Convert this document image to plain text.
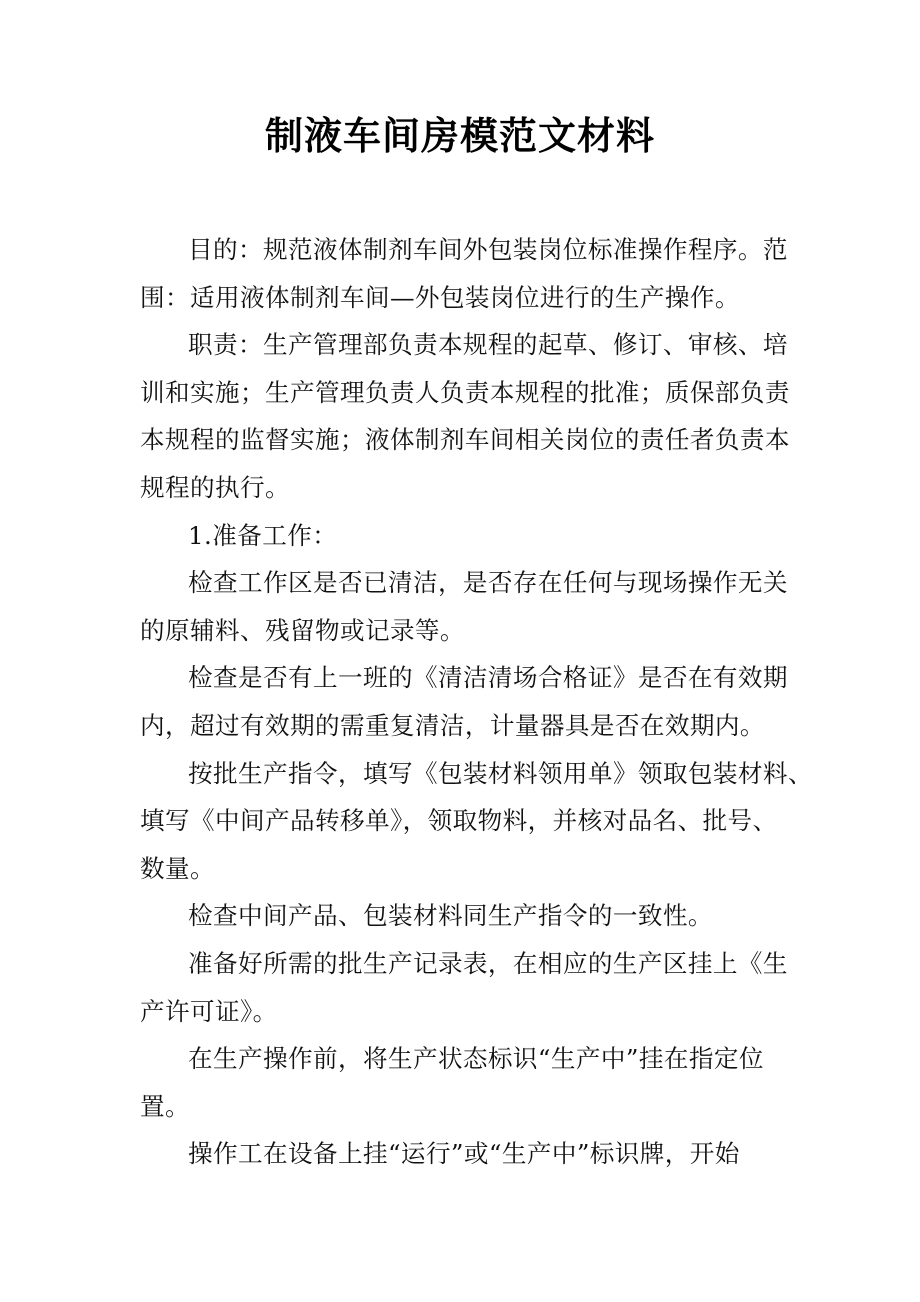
制液车间房模范文材料
目的：规范液体制剂车间外包装岗位标准操作程序。范
围：适用液体制剂车间—外包装岗位进行的生产操作。
职责：生产管理部负责本规程的起草、修订、审核、培
训和实施；生产管理负责人负责本规程的批准；质保部负责
本规程的监督实施；液体制剂车间相关岗位的责任者负责本
规程的执行。
1.准备工作：
检查工作区是否已清洁，是否存在任何与现场操作无关
的原辅料、残留物或记录等。
检查是否有上一班的《清洁清场合格证》是否在有效期
内，超过有效期的需重复清洁，计量器具是否在效期内。
按批生产指令，填写《包装材料领用单》领取包装材料、
填写《中间产品转移单》，领取物料，并核对品名、批号、
数量。
检查中间产品、包装材料同生产指令的一致性。
准备好所需的批生产记录表，在相应的生产区挂上《生
产许可证》。
在生产操作前，将生产状态标识“生产中”挂在指定位
置。
操作工在设备上挂“运行”或“生产中”标识牌，开始
